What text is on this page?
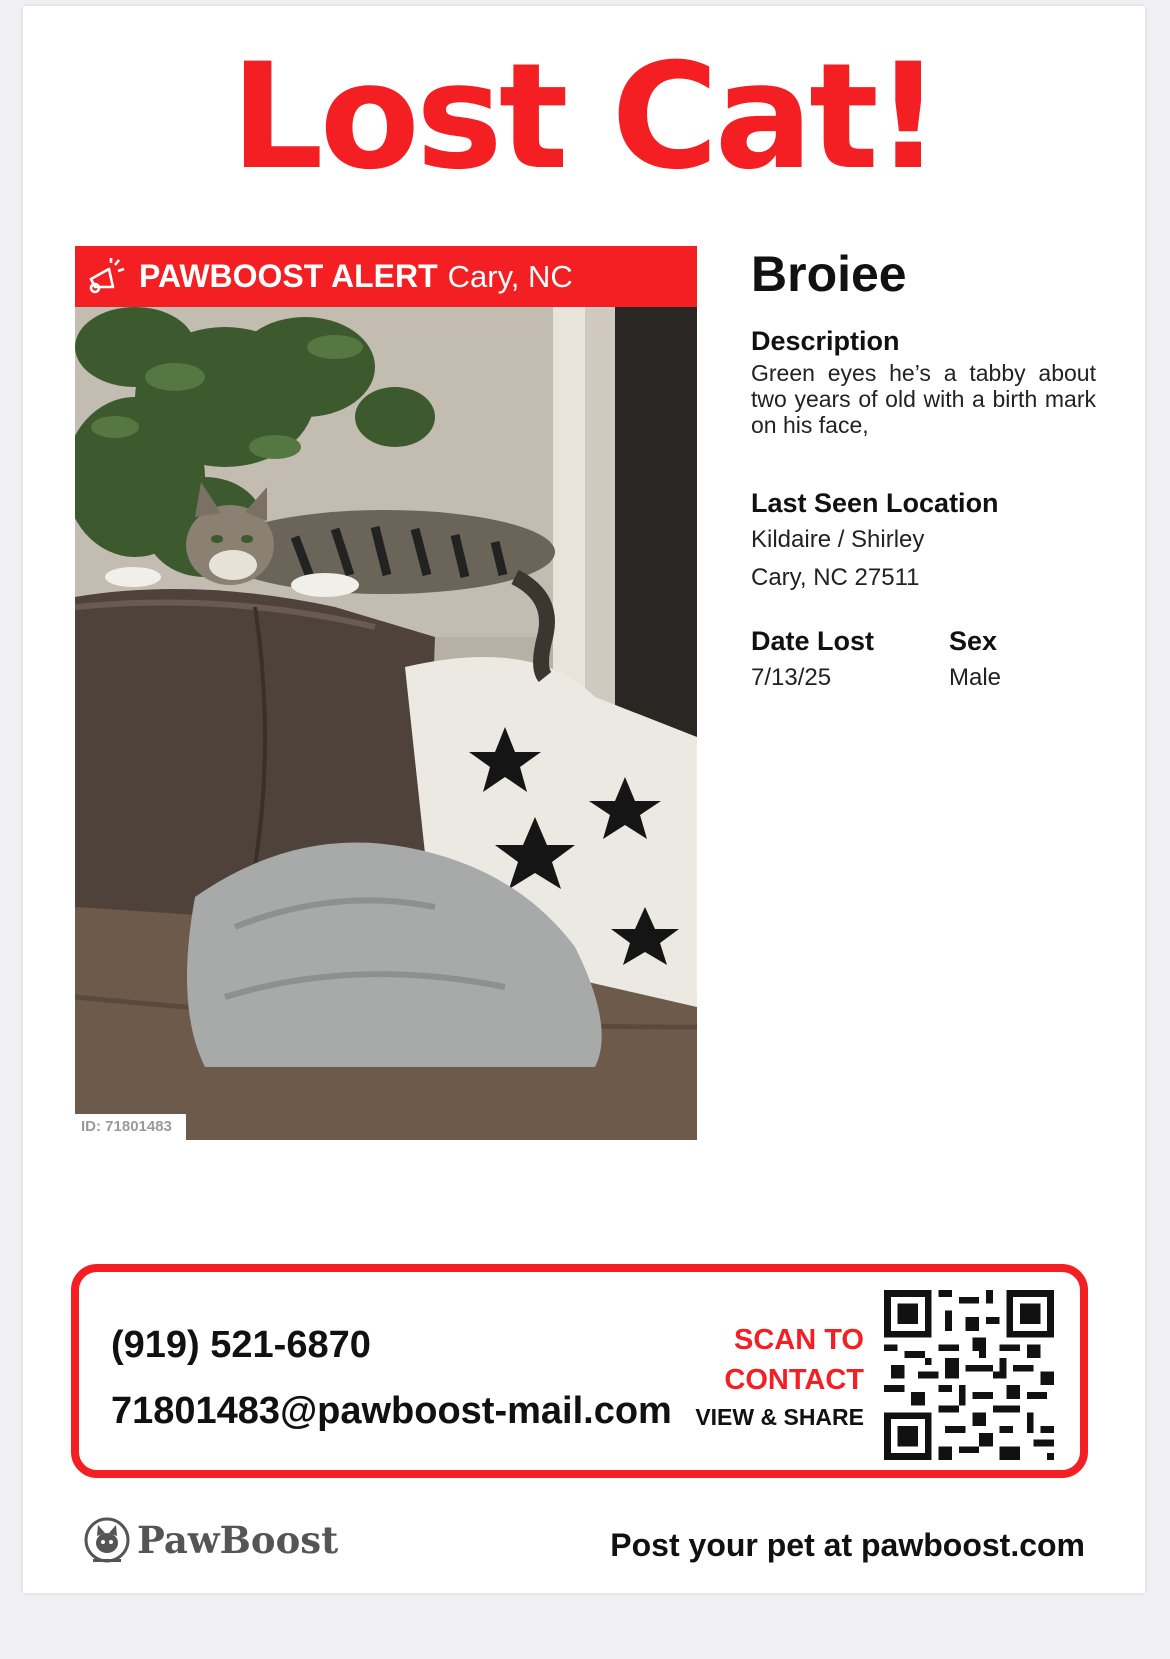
Lost Cat!
PAWBOOST ALERT Cary, NC
ID: 71801483

Broiee

Description

Green eyes he’s a tabby about two years of old with a birth mark on his face,

Last Seen Location

Kildaire / Shirley

Cary, NC 27511

Date Lost

7/13/25

Sex

Male

(919) 521-6870
71801483@pawboost-mail.com
SCAN TO
CONTACT
VIEW & SHARE
PawBoost	Post your pet at pawboost.com
